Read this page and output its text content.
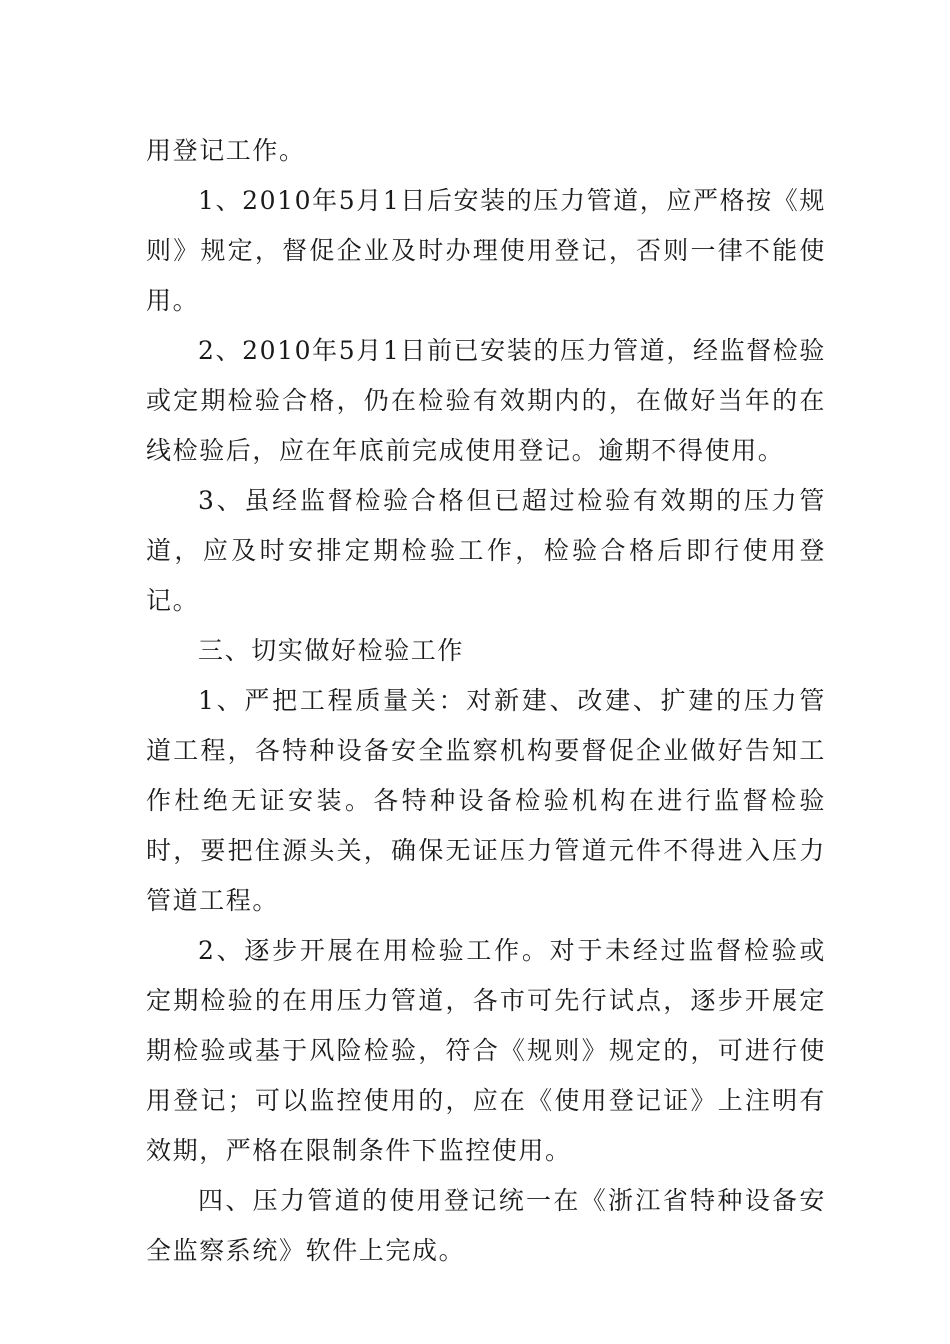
用登记工作。

1、2010年5月1日后安装的压力管道，应严格按《规则》规定，督促企业及时办理使用登记，否则一律不能使用。

2、2010年5月1日前已安装的压力管道，经监督检验或定期检验合格，仍在检验有效期内的，在做好当年的在线检验后，应在年底前完成使用登记。逾期不得使用。

3、虽经监督检验合格但已超过检验有效期的压力管道，应及时安排定期检验工作，检验合格后即行使用登记。

三、切实做好检验工作

1、严把工程质量关：对新建、改建、扩建的压力管道工程，各特种设备安全监察机构要督促企业做好告知工作杜绝无证安装。各特种设备检验机构在进行监督检验时，要把住源头关，确保无证压力管道元件不得进入压力管道工程。

2、逐步开展在用检验工作。对于未经过监督检验或定期检验的在用压力管道，各市可先行试点，逐步开展定期检验或基于风险检验，符合《规则》规定的，可进行使用登记；可以监控使用的，应在《使用登记证》上注明有效期，严格在限制条件下监控使用。

四、压力管道的使用登记统一在《浙江省特种设备安全监察系统》软件上完成。
